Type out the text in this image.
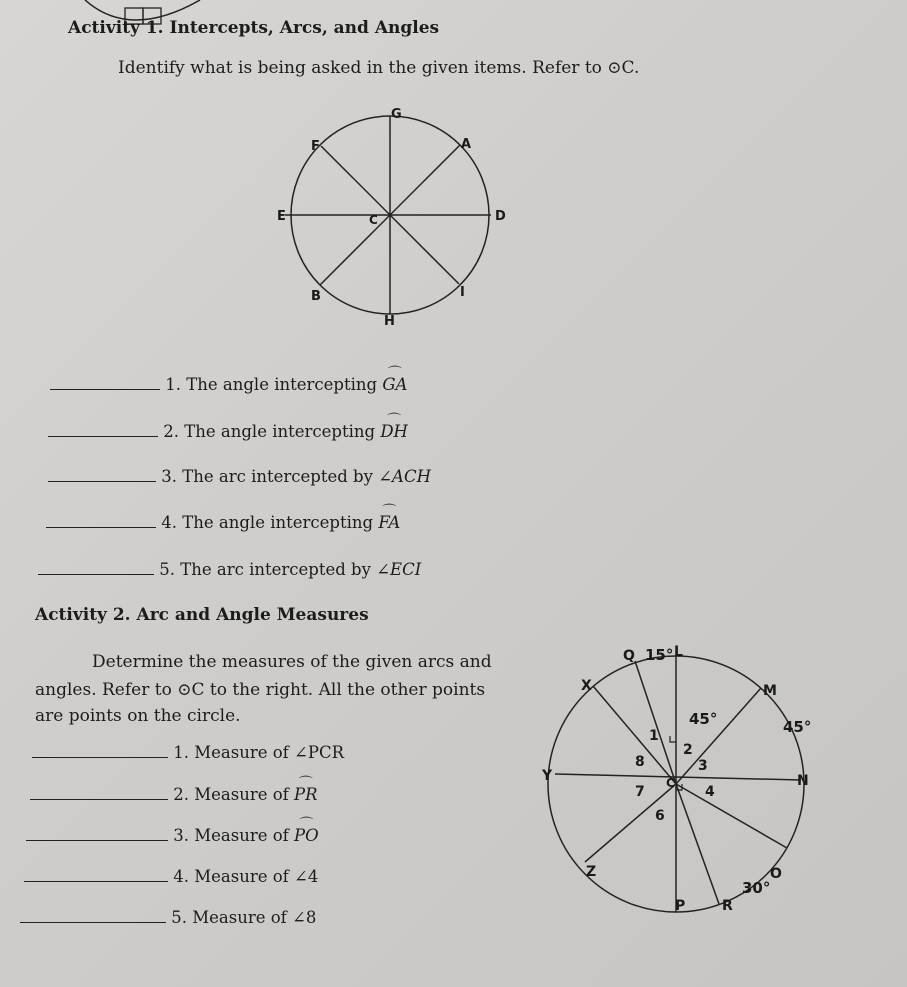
Activity 1. Intercepts, Arcs, and Angles
Identify what is being asked in the given items. Refer to ⊙C.
G
F	A
E	C	D
B	I
H
1. The angle intercepting ⌒ GA
2. The angle intercepting ⌒ DH
3. The arc intercepted by ∠ACH
4. The angle intercepting ⌒ FA
5. The arc intercepted by ∠ECI
Activity 2. Arc and Angle Measures
Determine the measures of the given arcs and
angles. Refer to ⊙C to the right. All the other points
are points on the circle.
1. Measure of ∠PCR
2. Measure of ⌒ PR
3. Measure of ⌒ PO
4. Measure of ∠4
5. Measure of ∠8
Q 15° L
X	M
45°	45°
1
2
8	3
Y	C	N
7	4
6
Z	O
30°
P	R
